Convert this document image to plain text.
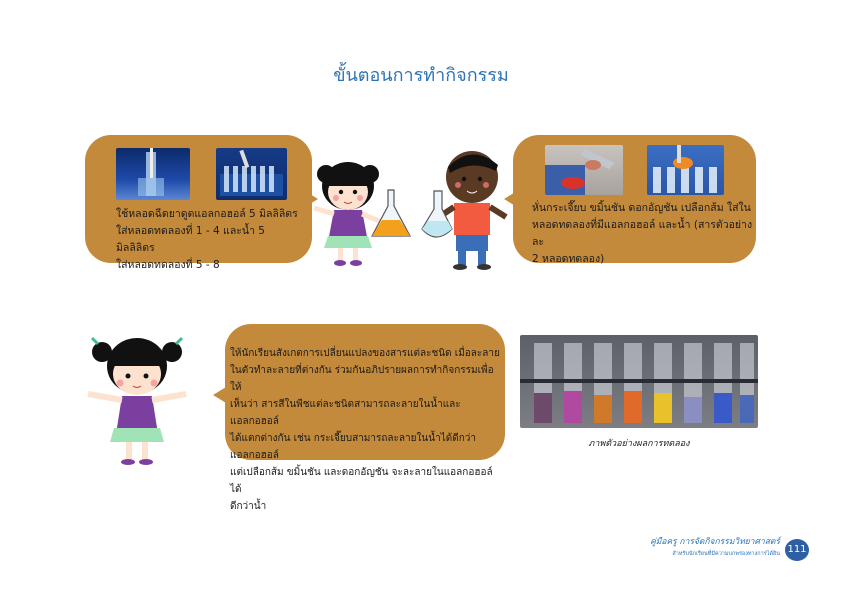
ขั้นตอนการทำกิจกรรม
ใช้หลอดฉีดยาดูดแอลกอฮอล์ 5 มิลลิลิตร
ใส่หลอดทดลองที่ 1 - 4 และน้ำ 5 มิลลิลิตร
ใส่หลอดทดลองที่ 5 - 8
หั่นกระเจี๊ยบ ขมิ้นชัน ดอกอัญชัน เปลือกส้ม ใส่ใน
หลอดทดลองที่มีแอลกอฮอล์ และน้ำ (สารตัวอย่างละ
2 หลอดทดลอง)
ให้นักเรียนสังเกตการเปลี่ยนแปลงของสารแต่ละชนิด เมื่อละลาย
ในตัวทำละลายที่ต่างกัน ร่วมกันอภิปรายผลการทำกิจกรรมเพื่อให้
เห็นว่า สารสีในพืชแต่ละชนิดสามารถละลายในน้ำและแอลกอฮอล์
ได้แตกต่างกัน เช่น กระเจี๊ยบสามารถละลายในน้ำได้ดีกว่าแอลกอฮอล์
แต่เปลือกส้ม ขมิ้นชัน และดอกอัญชัน จะละลายในแอลกอฮอล์ได้
ดีกว่าน้ำ
ภาพตัวอย่างผลการทดลอง
คู่มือครู การจัดกิจกรรมวิทยาศาสตร์
สำหรับนักเรียนที่มีความบกพร่องทางการได้ยิน 111
